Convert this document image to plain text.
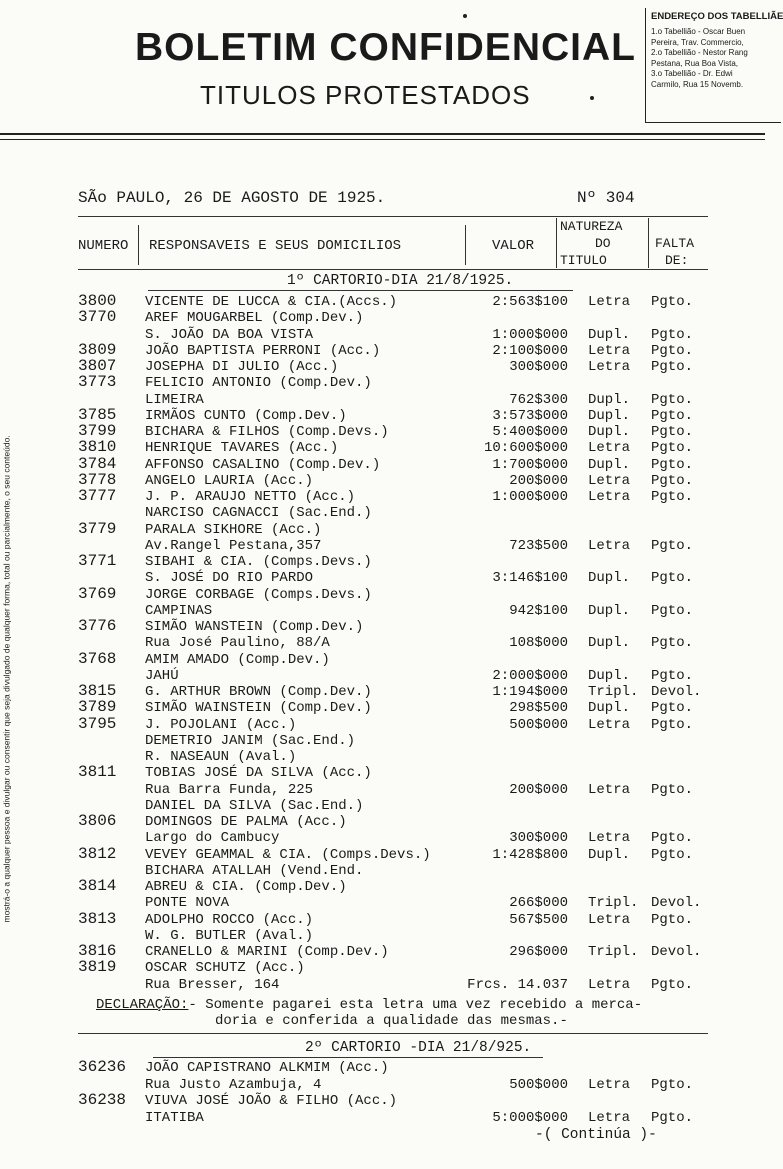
BOLETIM CONFIDENCIAL
TITULOS PROTESTADOS
ENDEREÇO DOS TABELLIÃE
1.o Tabellião - Oscar Buen
Pereira, Trav. Commercio,
2.o Tabellião - Nestor Rang
Pestana, Rua Boa Vista,
3.o Tabellião - Dr. Edwi
Carmilo, Rua 15 Novemb.
mostrá-o a qualquer pessoa e divulgar ou consentir que seja divulgado de qualquer forma, total ou parcialmente, o seu conteúdo.
SÃo PAULO, 26 DE AGOSTO DE 1925.	Nº 304
NUMERO RESPONSAVEIS E SEUS DOMICILIOS	VALOR
NATUREZA
DO
TITULO
FALTA
DE:
1º CARTORIO-DIA 21/8/1925.
3800 VICENTE DE LUCCA & CIA.(Accs.)	2:563$100 Letra Pgto.
3770 AREF MOUGARBEL (Comp.Dev.)
S. JOÃO DA BOA VISTA	1:000$000 Dupl. Pgto.
3809 JOÃO BAPTISTA PERRONI (Acc.)	2:100$000 Letra Pgto.
3807 JOSEPHA DI JULIO (Acc.)	300$000 Letra Pgto.
3773 FELICIO ANTONIO (Comp.Dev.)
LIMEIRA	762$300 Dupl. Pgto.
3785 IRMÃOS CUNTO (Comp.Dev.)	3:573$000 Dupl. Pgto.
3799 BICHARA & FILHOS (Comp.Devs.)	5:400$000 Dupl. Pgto.
3810 HENRIQUE TAVARES (Acc.)	10:600$000 Letra Pgto.
3784 AFFONSO CASALINO (Comp.Dev.)	1:700$000 Dupl. Pgto.
3778 ANGELO LAURIA (Acc.)	200$000 Letra Pgto.
3777 J. P. ARAUJO NETTO (Acc.)	1:000$000 Letra Pgto.
NARCISO CAGNACCI (Sac.End.)
3779 PARALA SIKHORE (Acc.)
Av.Rangel Pestana,357	723$500 Letra Pgto.
3771 SIBAHI & CIA. (Comps.Devs.)
S. JOSÉ DO RIO PARDO	3:146$100 Dupl. Pgto.
3769 JORGE CORBAGE (Comps.Devs.)
CAMPINAS	942$100 Dupl. Pgto.
3776 SIMÃO WANSTEIN (Comp.Dev.)
Rua José Paulino, 88/A	108$000 Dupl. Pgto.
3768 AMIM AMADO (Comp.Dev.)
JAHÚ	2:000$000 Dupl. Pgto.
3815 G. ARTHUR BROWN (Comp.Dev.)	1:194$000 Tripl. Devol.
3789 SIMÃO WAINSTEIN (Comp.Dev.)	298$500 Dupl. Pgto.
3795 J. POJOLANI (Acc.)	500$000 Letra Pgto.
DEMETRIO JANIM (Sac.End.)
R. NASEAUN (Aval.)
3811 TOBIAS JOSÉ DA SILVA (Acc.)
Rua Barra Funda, 225	200$000 Letra Pgto.
DANIEL DA SILVA (Sac.End.)
3806 DOMINGOS DE PALMA (Acc.)
Largo do Cambucy	300$000 Letra Pgto.
3812 VEVEY GEAMMAL & CIA. (Comps.Devs.)	1:428$800 Dupl. Pgto.
BICHARA ATALLAH (Vend.End.
3814 ABREU & CIA. (Comp.Dev.)
PONTE NOVA	266$000 Tripl. Devol.
3813 ADOLPHO ROCCO (Acc.)	567$500 Letra Pgto.
W. G. BUTLER (Aval.)
3816 CRANELLO & MARINI (Comp.Dev.)	296$000 Tripl. Devol.
3819 OSCAR SCHUTZ (Acc.)
Rua Bresser, 164	Frcs. 14.037 Letra Pgto.
DECLARAÇÃO:- Somente pagarei esta letra uma vez recebido a merca-
doria e conferida a qualidade das mesmas.-
2º CARTORIO -DIA 21/8/925.
36236 JOÃO CAPISTRANO ALKMIM (Acc.)
Rua Justo Azambuja, 4	500$000 Letra Pgto.
36238 VIUVA JOSÉ JOÃO & FILHO (Acc.)
ITATIBA	5:000$000 Letra Pgto.
-( Continúa )-
